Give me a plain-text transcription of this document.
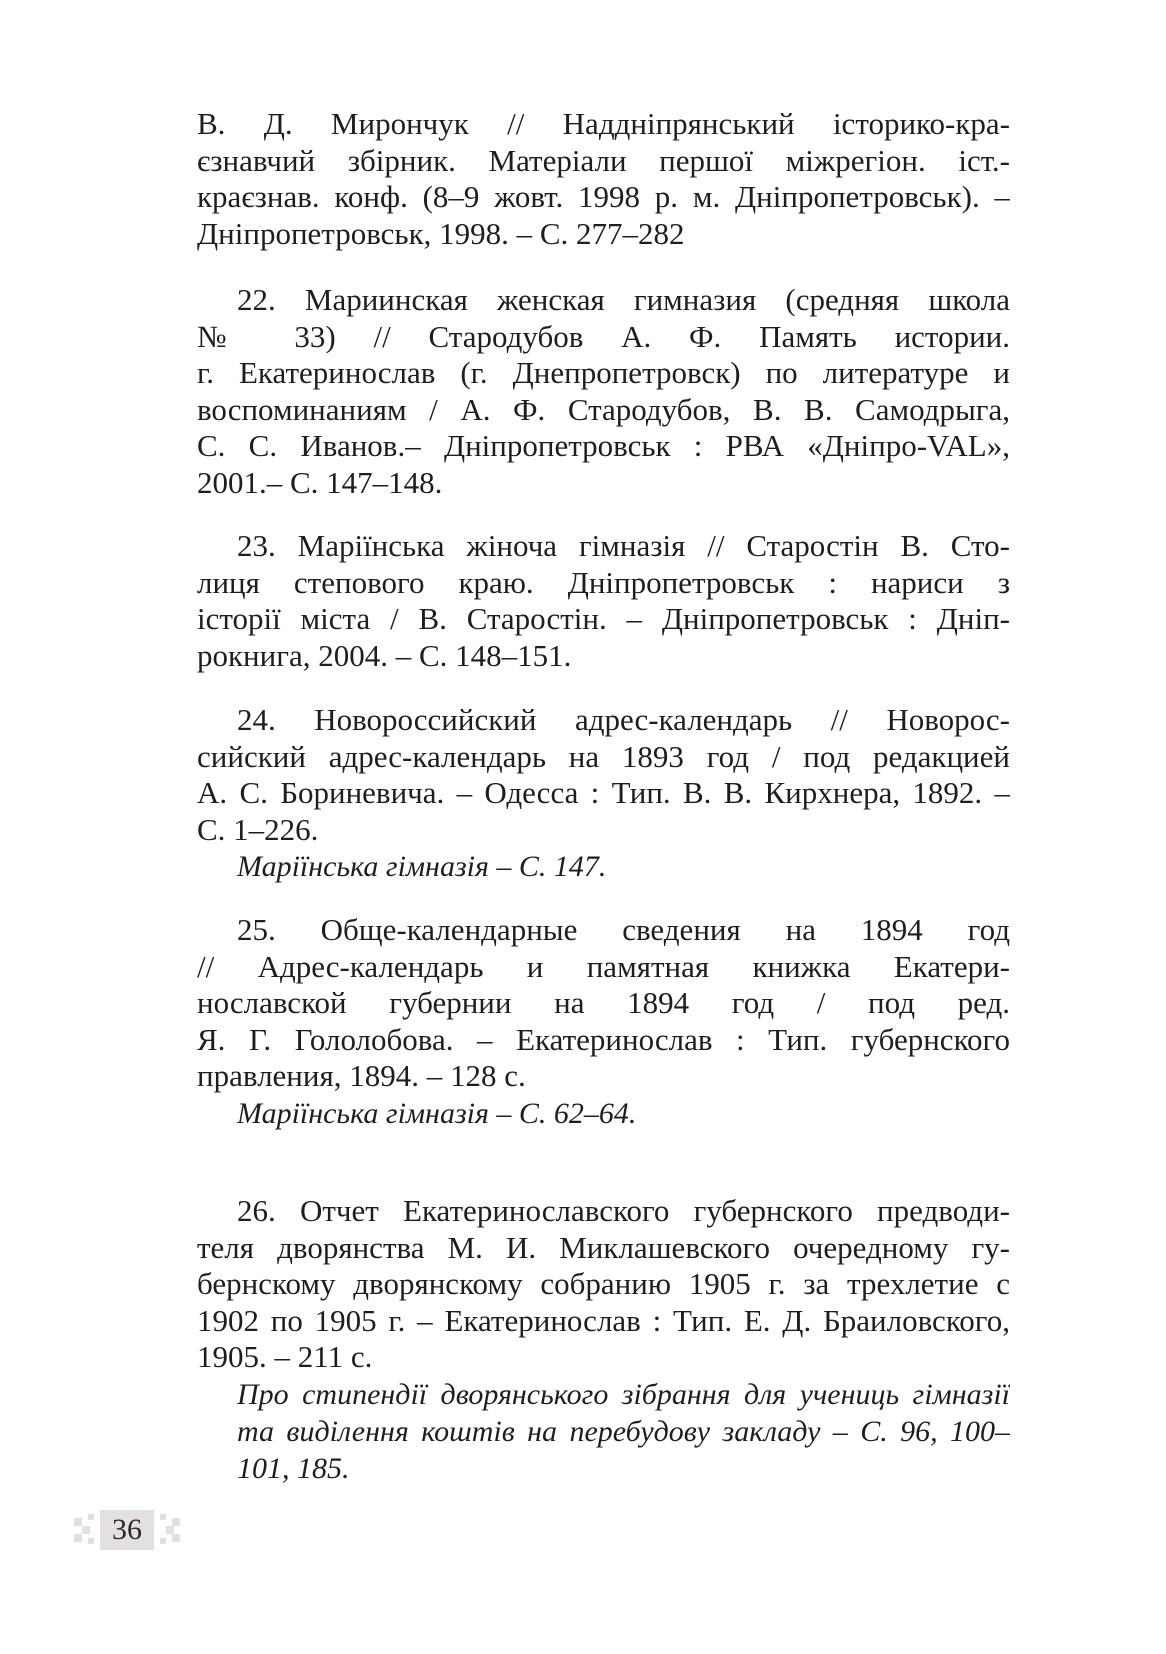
В. Д. Мирончук // Наддніпрянський історико-кра-
єзнавчий збірник. Матеріали першої міжрегіон. іст.-
краєзнав. конф. (8–9 жовт. 1998 р. м. Дніпропетровськ). –
Дніпропетровськ, 1998. – С. 277–282
22. Мариинская женская гимназия (средняя школа
№ 33) // Стародубов А. Ф. Память истории.
г. Екатеринослав (г. Днепропетровск) по литературе и
воспоминаниям / А. Ф. Стародубов, В. В. Самодрыга,
С. С. Иванов.– Дніпропетровськ : РВА «Дніпро-VAL»,
2001.– С. 147–148.
23. Маріїнська жіноча гімназія // Старостін В. Сто-
лиця степового краю. Дніпропетровськ : нариси з
історії міста / В. Старостін. – Дніпропетровськ : Дніп-
рокнига, 2004. – С. 148–151.
24. Новороссийский адрес-календарь // Новорос-
сийский адрес-календарь на 1893 год / под редакцией
А. С. Бориневича. – Одесса : Тип. В. В. Кирхнера, 1892. –
С. 1–226.
Маріїнська гімназія – С. 147.
25. Обще-календарные сведения на 1894 год
// Адрес-календарь и памятная книжка Екатери-
нославской губернии на 1894 год / под ред.
Я. Г. Гололобова. – Екатеринослав : Тип. губернского
правления, 1894. – 128 с.
Маріїнська гімназія – С. 62–64.
26. Отчет Екатеринославского губернского предводи-
теля дворянства М. И. Миклашевского очередному гу-
бернскому дворянскому собранию 1905 г. за трехлетие с
1902 по 1905 г. – Екатеринослав : Тип. Е. Д. Браиловского,
1905. – 211 с.
Про стипендії дворянського зібрання для учениць гімназії
та виділення коштів на перебудову закладу – С. 96, 100–
101, 185.
36
